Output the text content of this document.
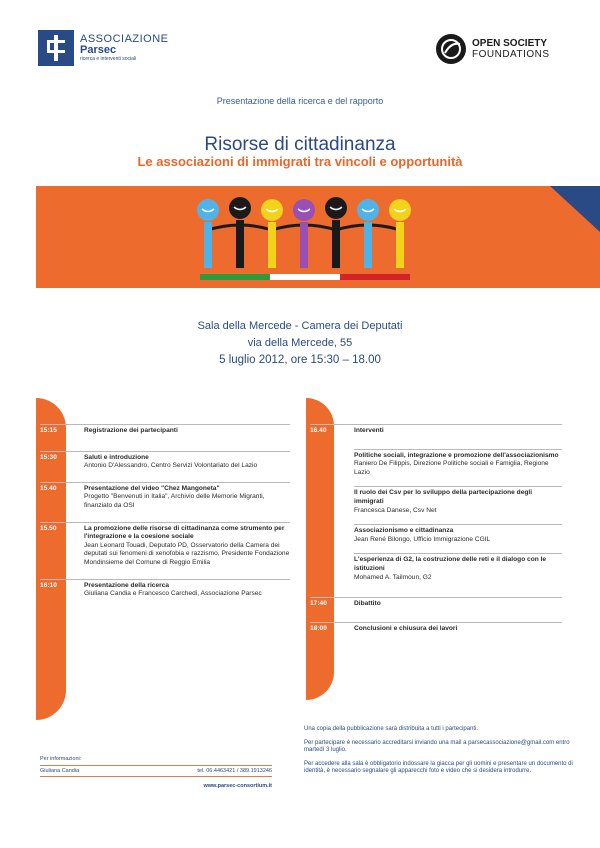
ASSOCIAZIONE
Parsec
ricerca e interventi sociali
OPEN SOCIETY
FOUNDATIONS
Presentazione della ricerca e del rapporto
Risorse di cittadinanza
Le associazioni di immigrati tra vincoli e opportunità
Sala della Mercede - Camera dei Deputati
via della Mercede, 55
5 luglio 2012, ore 15:30 – 18.00
15:15	Registrazione dei partecipanti
15:30	Saluti e introduzione
Antonio D'Alessandro, Centro Servizi Volontariato del Lazio
15.40	Presentazione del video "Chez Mangoneta"
Progetto "Benvenuti in Italia", Archivio delle Memorie Migranti, finanziato da OSI
15.50	La promozione delle risorse di cittadinanza come strumento per l'integrazione e la coesione sociale
Jean Leonard Touadi, Deputato PD, Osservatorio della Camera dei deputati sui fenomeni di xenofobia e razzismo, Presidente Fondazione Mondinsieme del Comune di Reggio Emilia
16:10	Presentazione della ricerca
Giuliana Candia e Francesco Carchedi, Associazione Parsec
16.40	Interventi
Politiche sociali, integrazione e promozione dell'associazionismo
Raniero De Filippis, Direzione Politiche sociali e Famiglia, Regione Lazio
Il ruolo dei Csv per lo sviluppo della partecipazione degli immigrati
Francesca Danese, Csv Net
Associazionismo e cittadinanza
Jean René Bilongo, Ufficio Immigrazione CGIL
L'esperienza di G2, la costruzione delle reti e il dialogo con le istituzioni
Mohamed A. Tailmoun, G2
17:40	Dibattito
18:00	Conclusioni e chiusura dei lavori

Una copia della pubblicazione sarà distribuita a tutti i partecipanti.

Per partecipare è necessario accreditarsi inviando una mail a parsecassociazione@gmail.com entro martedì 3 luglio.

Per accedere alla sala è obbligatorio indossare la giacca per gli uomini e presentare un documento di identità, è necessario segnalare gli apparecchi foto e video che si desidera introdurre.

Per informazioni:
Giuliana Candia	tel. 06.4463421 / 389.1913246
www.parsec-consortium.it
